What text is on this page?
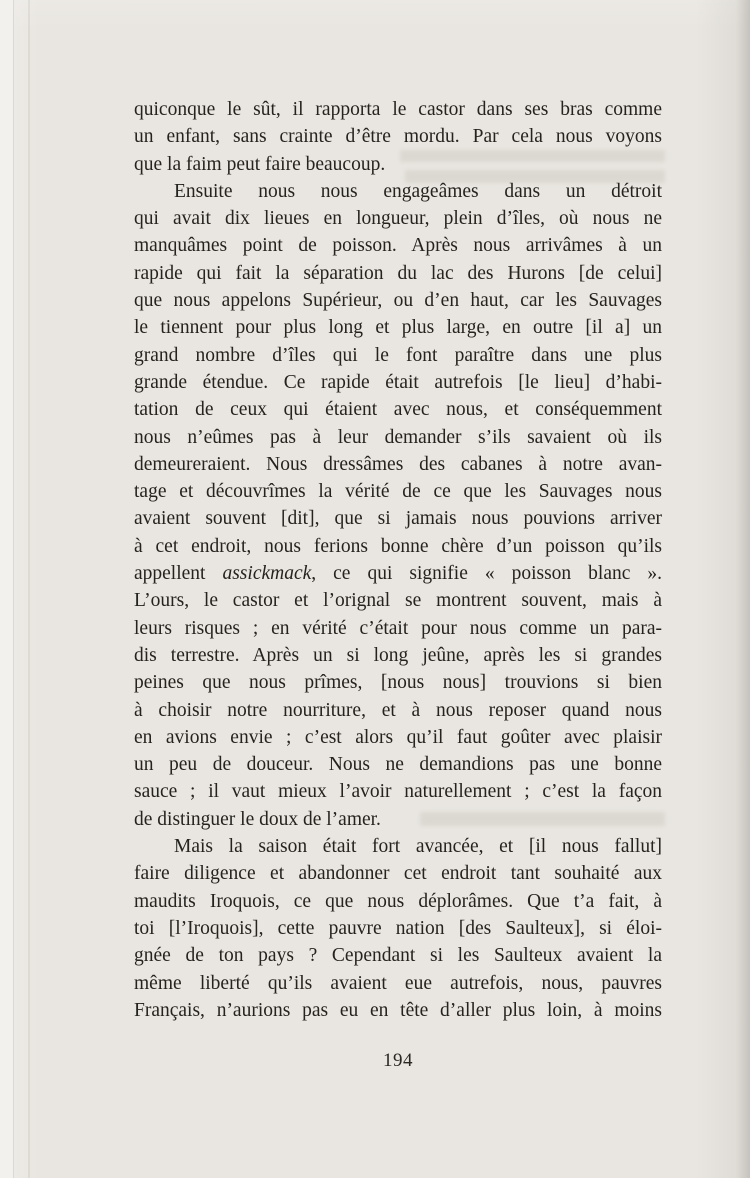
quiconque le sût, il rapporta le castor dans ses bras comme
un enfant, sans crainte d’être mordu. Par cela nous voyons
que la faim peut faire beaucoup.
Ensuite nous nous engageâmes dans un détroit
qui avait dix lieues en longueur, plein d’îles, où nous ne
manquâmes point de poisson. Après nous arrivâmes à un
rapide qui fait la séparation du lac des Hurons [de celui]
que nous appelons Supérieur, ou d’en haut, car les Sauvages
le tiennent pour plus long et plus large, en outre [il a] un
grand nombre d’îles qui le font paraître dans une plus
grande étendue. Ce rapide était autrefois [le lieu] d’habi-
tation de ceux qui étaient avec nous, et conséquemment
nous n’eûmes pas à leur demander s’ils savaient où ils
demeureraient. Nous dressâmes des cabanes à notre avan-
tage et découvrîmes la vérité de ce que les Sauvages nous
avaient souvent [dit], que si jamais nous pouvions arriver
à cet endroit, nous ferions bonne chère d’un poisson qu’ils
appellent assickmack, ce qui signifie « poisson blanc ».
L’ours, le castor et l’orignal se montrent souvent, mais à
leurs risques ; en vérité c’était pour nous comme un para-
dis terrestre. Après un si long jeûne, après les si grandes
peines que nous prîmes, [nous nous] trouvions si bien
à choisir notre nourriture, et à nous reposer quand nous
en avions envie ; c’est alors qu’il faut goûter avec plaisir
un peu de douceur. Nous ne demandions pas une bonne
sauce ; il vaut mieux l’avoir naturellement ; c’est la façon
de distinguer le doux de l’amer.
Mais la saison était fort avancée, et [il nous fallut]
faire diligence et abandonner cet endroit tant souhaité aux
maudits Iroquois, ce que nous déplorâmes. Que t’a fait, à
toi [l’Iroquois], cette pauvre nation [des Saulteux], si éloi-
gnée de ton pays ? Cependant si les Saulteux avaient la
même liberté qu’ils avaient eue autrefois, nous, pauvres
Français, n’aurions pas eu en tête d’aller plus loin, à moins
194
